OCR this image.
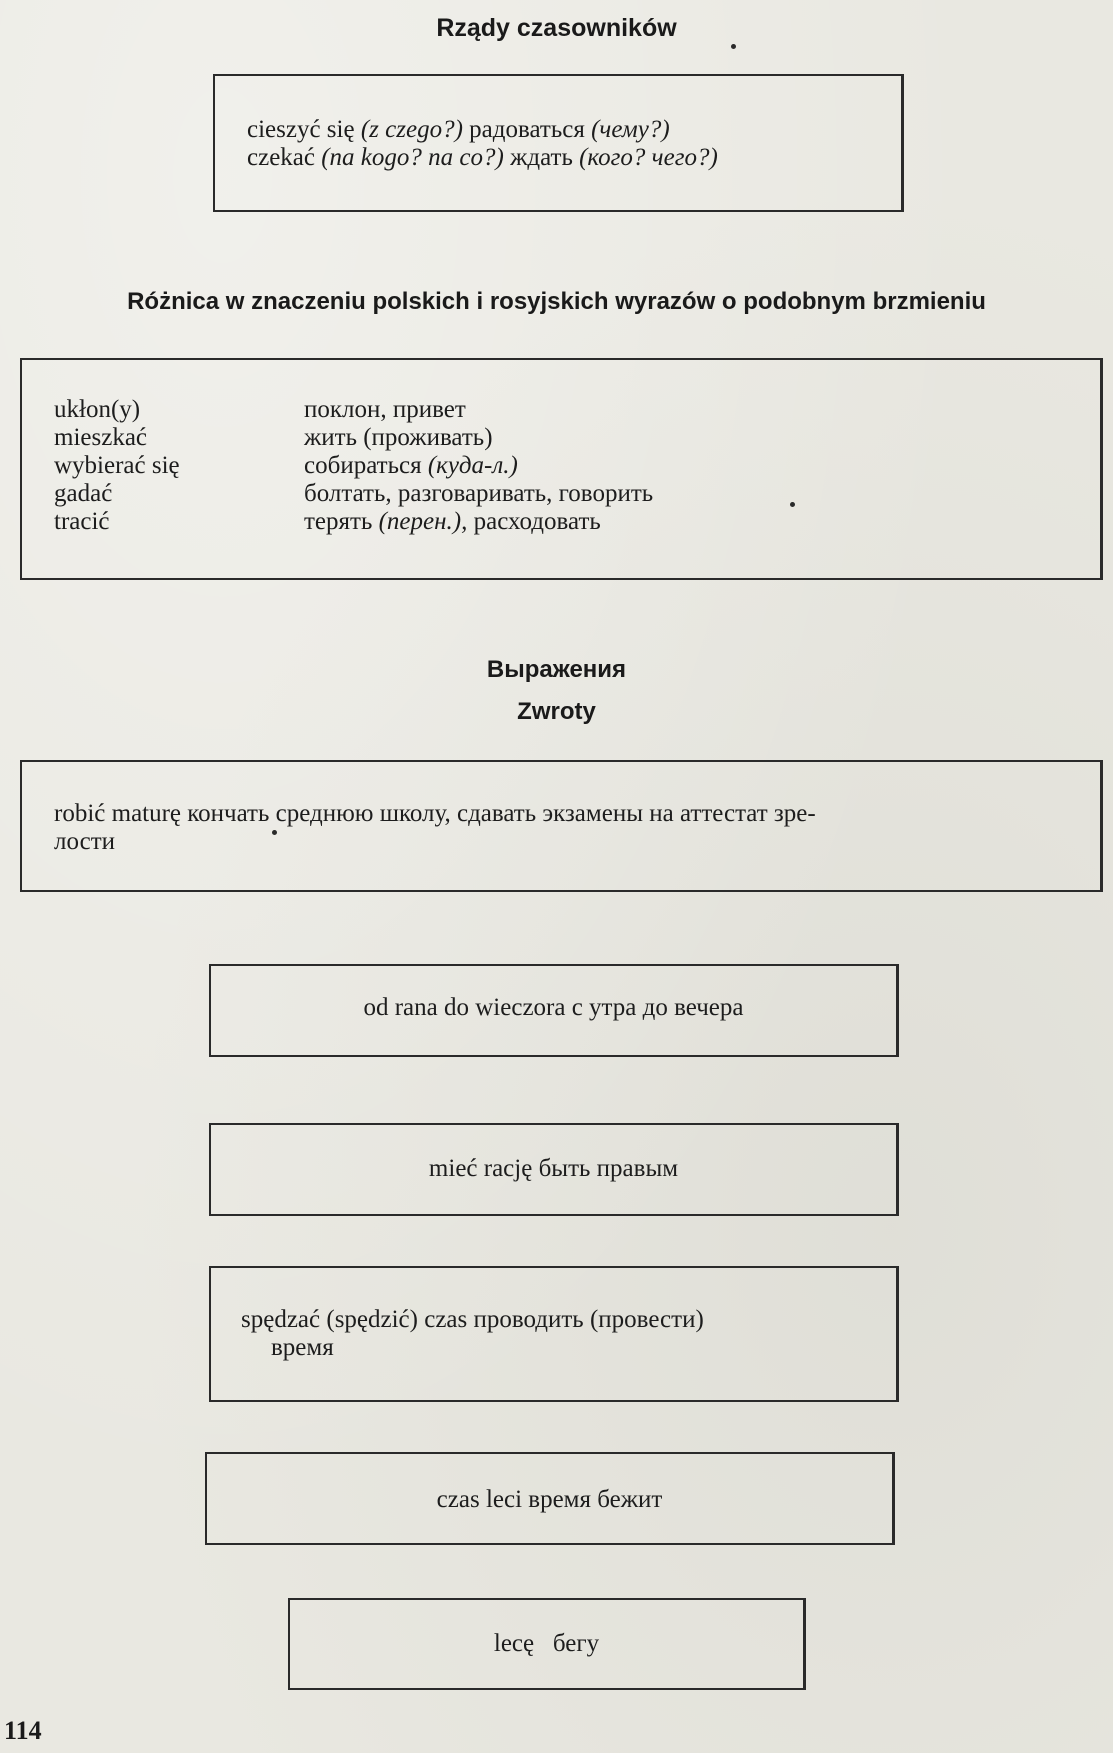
Rządy czasowników
cieszyć się (z czego?) радоваться (чему?)
czekać (na kogo? na co?) ждать (кого? чего?)
Różnica w znaczeniu polskich i rosyjskich wyrazów o podobnym brzmieniu
ukłon(y)	поклон, привет
mieszkać	жить (проживать)
wybierać się	собираться (куда-л.)
gadać	болтать, разговаривать, говорить
tracić	терять (перен.), расходовать
Выражения
Zwroty
robić maturę кончать среднюю школу, сдавать экзамены на аттестат зре-
лости
od rana do wieczora с утра до вечера
mieć rację быть правым
spędzać (spędzić) czas проводить (провести)
время
czas leci время бежит
lecę   бегу
114
